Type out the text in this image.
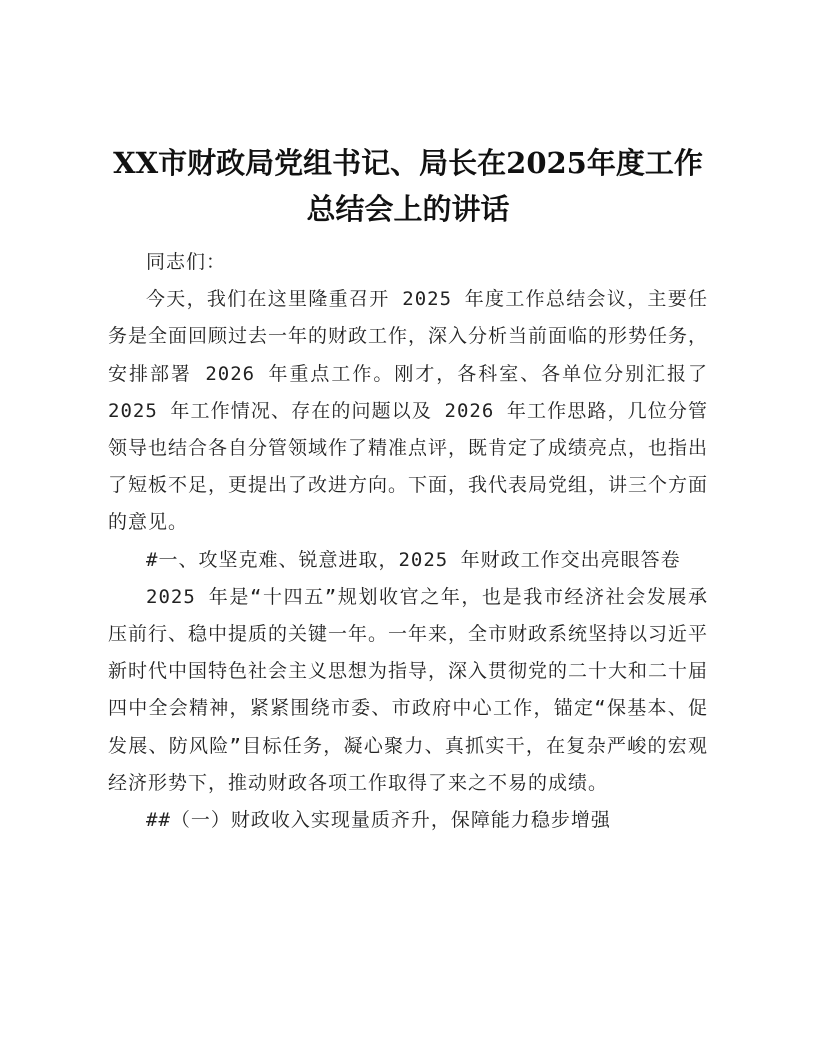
XX市财政局党组书记、局长在2025年度工作
总结会上的讲话

同志们：

今天，我们在这里隆重召开 2025 年度工作总结会议，主要任务是全面回顾过去一年的财政工作，深入分析当前面临的形势任务，安排部署 2026 年重点工作。刚才，各科室、各单位分别汇报了 2025 年工作情况、存在的问题以及 2026 年工作思路，几位分管领导也结合各自分管领域作了精准点评，既肯定了成绩亮点，也指出了短板不足，更提出了改进方向。下面，我代表局党组，讲三个方面的意见。

#一、攻坚克难、锐意进取，2025 年财政工作交出亮眼答卷

2025 年是“十四五”规划收官之年，也是我市经济社会发展承压前行、稳中提质的关键一年。一年来，全市财政系统坚持以习近平新时代中国特色社会主义思想为指导，深入贯彻党的二十大和二十届四中全会精神，紧紧围绕市委、市政府中心工作，锚定“保基本、促发展、防风险”目标任务，凝心聚力、真抓实干，在复杂严峻的宏观经济形势下，推动财政各项工作取得了来之不易的成绩。

##（一）财政收入实现量质齐升，保障能力稳步增强
